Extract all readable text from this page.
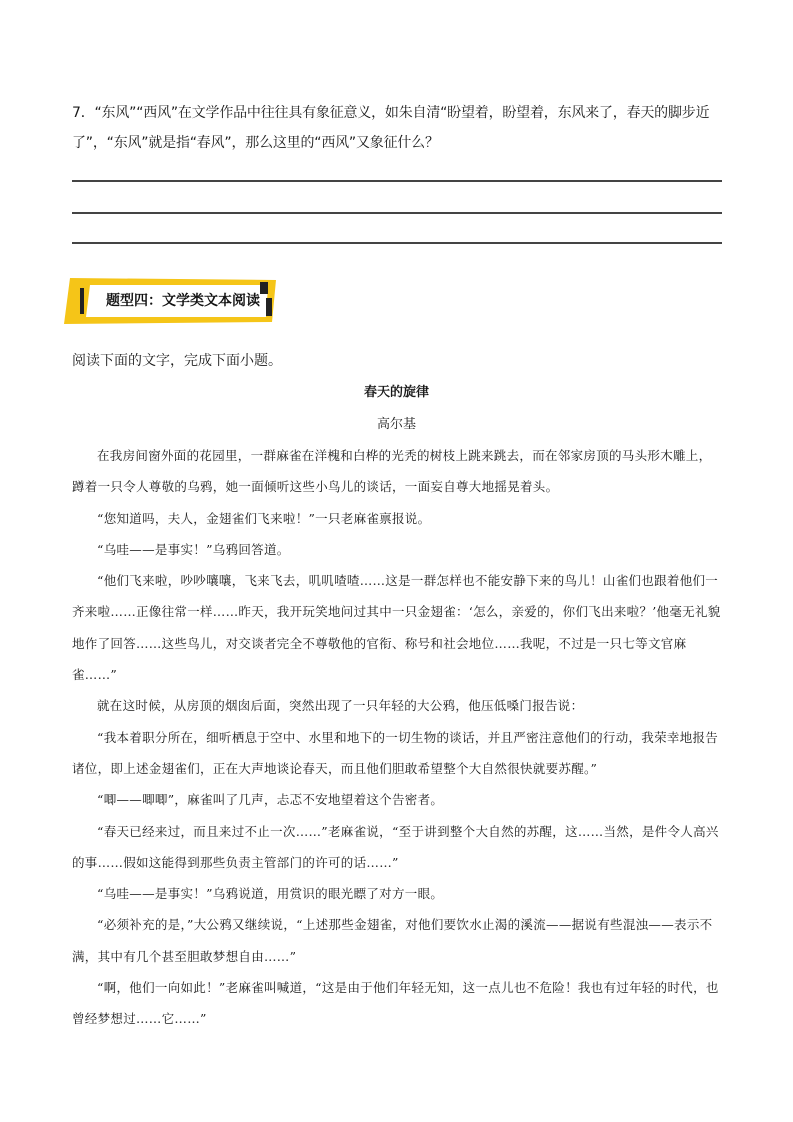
7．“东风”“西风”在文学作品中往往具有象征意义，如朱自清“盼望着，盼望着，东风来了，春天的脚步近了”，“东风”就是指“春风”，那么这里的“西风”又象征什么？
题型四：文学类文本阅读
阅读下面的文字，完成下面小题。
春天的旋律
高尔基

在我房间窗外面的花园里，一群麻雀在洋槐和白桦的光秃的树枝上跳来跳去，而在邻家房顶的马头形木雕上，蹲着一只令人尊敬的乌鸦，她一面倾听这些小鸟儿的谈话，一面妄自尊大地摇晃着头。

“您知道吗，夫人，金翅雀们飞来啦！”一只老麻雀禀报说。

“乌哇——是事实！”乌鸦回答道。

“他们飞来啦，吵吵嚷嚷，飞来飞去，叽叽喳喳……这是一群怎样也不能安静下来的鸟儿！山雀们也跟着他们一齐来啦……正像往常一样……昨天，我开玩笑地问过其中一只金翅雀：‘怎么，亲爱的，你们飞出来啦？’他毫无礼貌地作了回答……这些鸟儿，对交谈者完全不尊敬他的官衔、称号和社会地位……我呢，不过是一只七等文官麻雀……”

就在这时候，从房顶的烟囱后面，突然出现了一只年轻的大公鸦，他压低嗓门报告说：

“我本着职分所在，细听栖息于空中、水里和地下的一切生物的谈话，并且严密注意他们的行动，我荣幸地报告诸位，即上述金翅雀们，正在大声地谈论春天，而且他们胆敢希望整个大自然很快就要苏醒。”

“唧——唧唧”，麻雀叫了几声，忐忑不安地望着这个告密者。

“春天已经来过，而且来过不止一次……”老麻雀说，“至于讲到整个大自然的苏醒，这……当然，是件令人高兴的事……假如这能得到那些负责主管部门的许可的话……”

“乌哇——是事实！”乌鸦说道，用赏识的眼光瞟了对方一眼。

“必须补充的是，”大公鸦又继续说，“上述那些金翅雀，对他们要饮水止渴的溪流——据说有些混浊——表示不满，其中有几个甚至胆敢梦想自由……”

“啊，他们一向如此！”老麻雀叫喊道，“这是由于他们年轻无知，这一点儿也不危险！我也有过年轻的时代，也曾经梦想过……它……”
